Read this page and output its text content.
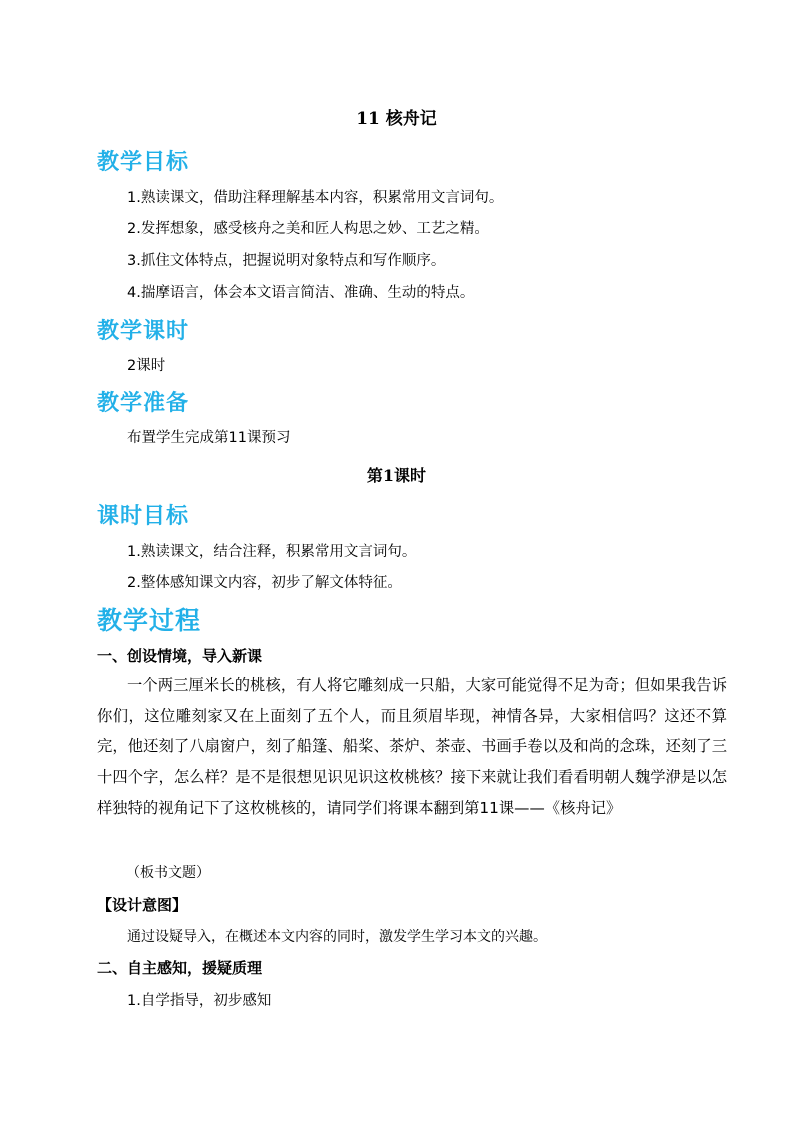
11 核舟记
教学目标
1.熟读课文，借助注释理解基本内容，积累常用文言词句。
2.发挥想象，感受核舟之美和匠人构思之妙、工艺之精。
3.抓住文体特点，把握说明对象特点和写作顺序。
4.揣摩语言，体会本文语言简洁、准确、生动的特点。
教学课时
2课时
教学准备
布置学生完成第11课预习
第1课时
课时目标
1.熟读课文，结合注释，积累常用文言词句。
2.整体感知课文内容，初步了解文体特征。
教学过程
一、创设情境，导入新课
一个两三厘米长的桃核，有人将它雕刻成一只船，大家可能觉得不足为奇；但如果我告诉你们，这位雕刻家又在上面刻了五个人，而且须眉毕现，神情各异，大家相信吗？这还不算完，他还刻了八扇窗户，刻了船篷、船桨、茶炉、茶壶、书画手卷以及和尚的念珠，还刻了三十四个字，怎么样？是不是很想见识见识这枚桃核？接下来就让我们看看明朝人魏学洢是以怎样独特的视角记下了这枚桃核的，请同学们将课本翻到第11课——《核舟记》
（板书文题）
【设计意图】
通过设疑导入，在概述本文内容的同时，激发学生学习本文的兴趣。
二、自主感知，援疑质理
1.自学指导，初步感知
